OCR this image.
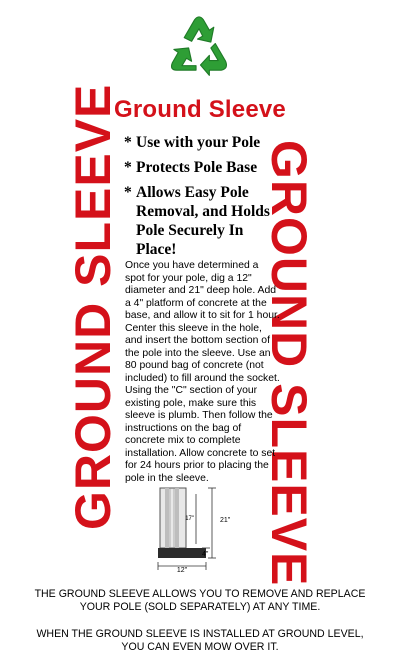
Ground Sleeve
GROUND SLEEVE	GROUND SLEEVE
* Use with your Pole
* Protects Pole Base
* Allows Easy Pole Removal, and Holds Pole Securely In Place!

Once you have determined a spot for your pole, dig a 12" diameter and 21" deep hole. Add a 4" platform of concrete at the base, and allow it to sit for 1 hour. Center this sleeve in the hole, and insert the bottom section of the pole into the sleeve. Use an 80 pound bag of concrete (not included) to fill around the socket. Using the "C" section of your existing pole, make sure this sleeve is plumb. Then follow the instructions on the bag of concrete mix to complete installation. Allow concrete to set for 24 hours prior to placing the pole in the sleeve.

17"	21"
4"
12"

THE GROUND SLEEVE ALLOWS YOU TO REMOVE AND REPLACE YOUR POLE (SOLD SEPARATELY) AT ANY TIME.

WHEN THE GROUND SLEEVE IS INSTALLED AT GROUND LEVEL, YOU CAN EVEN MOW OVER IT.
